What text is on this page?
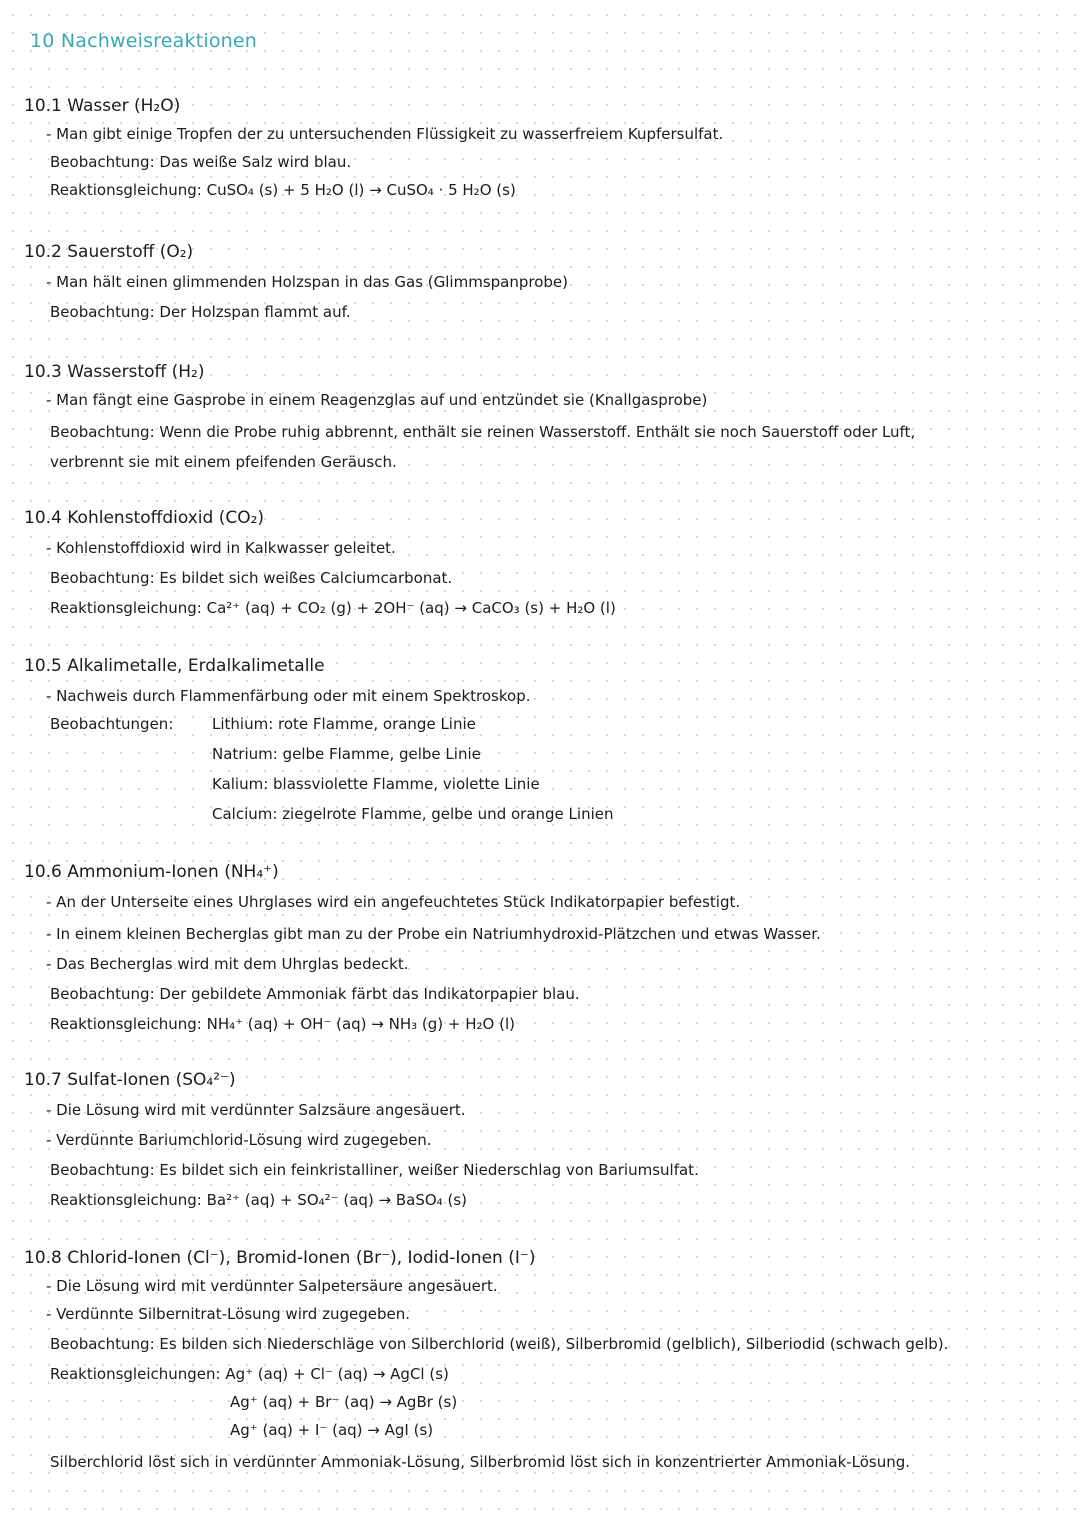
10 Nachweisreaktionen
10.1 Wasser (H₂O)
- Man gibt einige Tropfen der zu untersuchenden Flüssigkeit zu wasserfreiem Kupfersulfat.
Beobachtung: Das weiße Salz wird blau.
Reaktionsgleichung: CuSO₄ (s) + 5 H₂O (l) → CuSO₄ · 5 H₂O (s)
10.2 Sauerstoff (O₂)
- Man hält einen glimmenden Holzspan in das Gas (Glimmspanprobe)
Beobachtung: Der Holzspan flammt auf.
10.3 Wasserstoff (H₂)
- Man fängt eine Gasprobe in einem Reagenzglas auf und entzündet sie (Knallgasprobe)
Beobachtung: Wenn die Probe ruhig abbrennt, enthält sie reinen Wasserstoff. Enthält sie noch Sauerstoff oder Luft,
verbrennt sie mit einem pfeifenden Geräusch.
10.4 Kohlenstoffdioxid (CO₂)
- Kohlenstoffdioxid wird in Kalkwasser geleitet.
Beobachtung: Es bildet sich weißes Calciumcarbonat.
Reaktionsgleichung: Ca²⁺ (aq) + CO₂ (g) + 2OH⁻ (aq) → CaCO₃ (s) + H₂O (l)
10.5 Alkalimetalle, Erdalkalimetalle
- Nachweis durch Flammenfärbung oder mit einem Spektroskop.
Beobachtungen:	Lithium: rote Flamme, orange Linie
Natrium: gelbe Flamme, gelbe Linie
Kalium: blassviolette Flamme, violette Linie
Calcium: ziegelrote Flamme, gelbe und orange Linien
10.6 Ammonium-Ionen (NH₄⁺)
- An der Unterseite eines Uhrglases wird ein angefeuchtetes Stück Indikatorpapier befestigt.
- In einem kleinen Becherglas gibt man zu der Probe ein Natriumhydroxid-Plätzchen und etwas Wasser.
- Das Becherglas wird mit dem Uhrglas bedeckt.
Beobachtung: Der gebildete Ammoniak färbt das Indikatorpapier blau.
Reaktionsgleichung: NH₄⁺ (aq) + OH⁻ (aq) → NH₃ (g) + H₂O (l)
10.7 Sulfat-Ionen (SO₄²⁻)
- Die Lösung wird mit verdünnter Salzsäure angesäuert.
- Verdünnte Bariumchlorid-Lösung wird zugegeben.
Beobachtung: Es bildet sich ein feinkristalliner, weißer Niederschlag von Bariumsulfat.
Reaktionsgleichung: Ba²⁺ (aq) + SO₄²⁻ (aq) → BaSO₄ (s)
10.8 Chlorid-Ionen (Cl⁻), Bromid-Ionen (Br⁻), Iodid-Ionen (I⁻)
- Die Lösung wird mit verdünnter Salpetersäure angesäuert.
- Verdünnte Silbernitrat-Lösung wird zugegeben.
Beobachtung: Es bilden sich Niederschläge von Silberchlorid (weiß), Silberbromid (gelblich), Silberiodid (schwach gelb).
Reaktionsgleichungen: Ag⁺ (aq) + Cl⁻ (aq) → AgCl (s)
Ag⁺ (aq) + Br⁻ (aq) → AgBr (s)
Ag⁺ (aq) + I⁻ (aq) → AgI (s)
Silberchlorid löst sich in verdünnter Ammoniak-Lösung, Silberbromid löst sich in konzentrierter Ammoniak-Lösung.
